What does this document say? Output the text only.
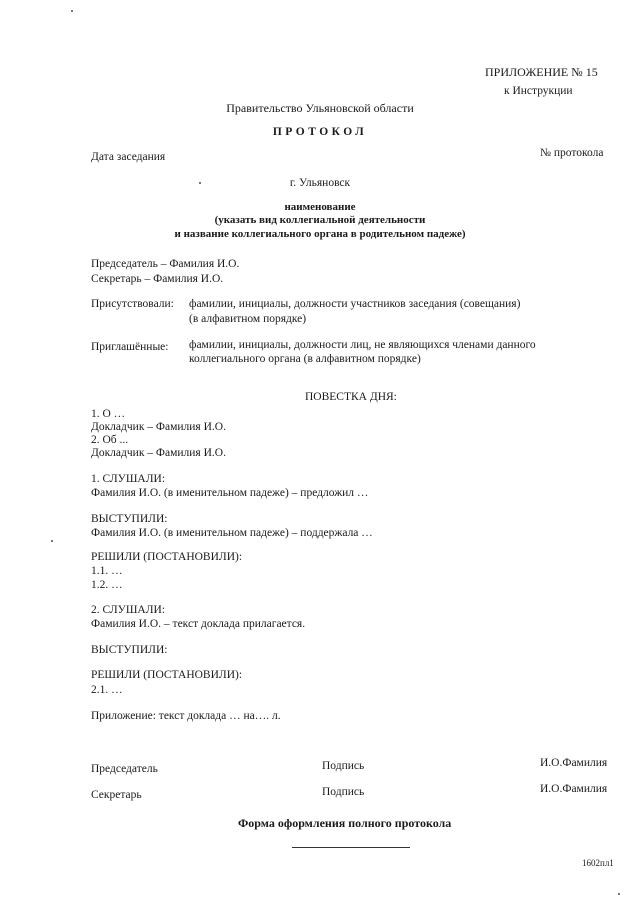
ПРИЛОЖЕНИЕ № 15
к Инструкции
Правительство Ульяновской области
ПРОТОКОЛ
Дата заседания	№ протокола
г. Ульяновск
наименование
(указать вид коллегиальной деятельности
и название коллегиального органа в родительном падеже)
Председатель – Фамилия И.О.
Секретарь – Фамилия И.О.
Присутствовали: фамилии, инициалы, должности участников заседания (совещания)
(в алфавитном порядке)
Приглашённые: фамилии, инициалы, должности лиц, не являющихся членами данного
коллегиального органа (в алфавитном порядке)
ПОВЕСТКА ДНЯ:
1. О …
Докладчик – Фамилия И.О.
2. Об ...
Докладчик – Фамилия И.О.
1. СЛУШАЛИ:
Фамилия И.О. (в именительном падеже) – предложил …
ВЫСТУПИЛИ:
Фамилия И.О. (в именительном падеже) – поддержала …
РЕШИЛИ (ПОСТАНОВИЛИ):
1.1. …
1.2. …
2. СЛУШАЛИ:
Фамилия И.О. – текст доклада прилагается.
ВЫСТУПИЛИ:
РЕШИЛИ (ПОСТАНОВИЛИ):
2.1. …
Приложение: текст доклада … на…. л.
Председатель	Подпись	И.О.Фамилия
Секретарь	Подпись	И.О.Фамилия
Форма оформления полного протокола
1602пл1
